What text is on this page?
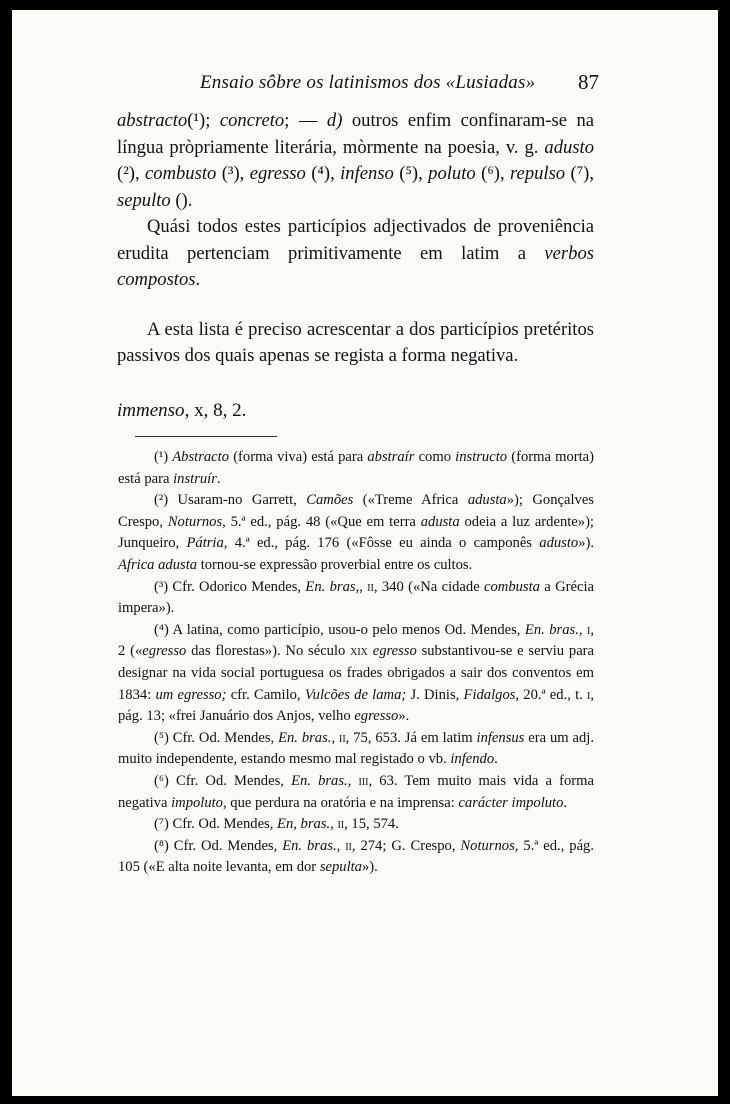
Ensaio sôbre os latinismos dos «Lusiadas» 87

abstracto(¹); concreto; — d) outros enfim confinaram-se na língua pròpriamente literária, mòrmente na poesia, v. g. adusto (²), combusto (³), egresso (⁴), infenso (⁵), poluto (⁶), repulso (⁷), sepulto ().

Quási todos estes particípios adjectivados de proveniência erudita pertenciam primitivamente em latim a verbos compostos.

A esta lista é preciso acrescentar a dos particípios pretéritos passivos dos quais apenas se regista a forma negativa.

immenso, x, 8, 2.

(¹) Abstracto (forma viva) está para abstraír como instructo (forma morta) está para instruír.

(²) Usaram-no Garrett, Camões («Treme Africa adusta»); Gonçalves Crespo, Noturnos, 5.ª ed., pág. 48 («Que em terra adusta odeia a luz ardente»); Junqueiro, Pátria, 4.ª ed., pág. 176 («Fôsse eu ainda o camponês adusto»). Africa adusta tornou-se expressão proverbial entre os cultos.

(³) Cfr. Odorico Mendes, En. bras,, ii, 340 («Na cidade combusta a Grécia impera»).

(⁴) A latina, como particípio, usou-o pelo menos Od. Mendes, En. bras., i, 2 («egresso das florestas»). No século xix egresso substantivou-se e serviu para designar na vida social portuguesa os frades obrigados a sair dos conventos em 1834: um egresso; cfr. Camilo, Vulcões de lama; J. Dinis, Fidalgos, 20.ª ed., t. i, pág. 13; «frei Januário dos Anjos, velho egresso».

(⁵) Cfr. Od. Mendes, En. bras., ii, 75, 653. Já em latim infensus era um adj. muito independente, estando mesmo mal registado o vb. infendo.

(⁶) Cfr. Od. Mendes, En. bras., iii, 63. Tem muito mais vida a forma negativa impoluto, que perdura na oratória e na imprensa: carácter impoluto.

(⁷) Cfr. Od. Mendes, En, bras., ii, 15, 574.

(⁸) Cfr. Od. Mendes, En. bras., ii, 274; G. Crespo, Noturnos, 5.ª ed., pág. 105 («E alta noite levanta, em dor sepulta»).
